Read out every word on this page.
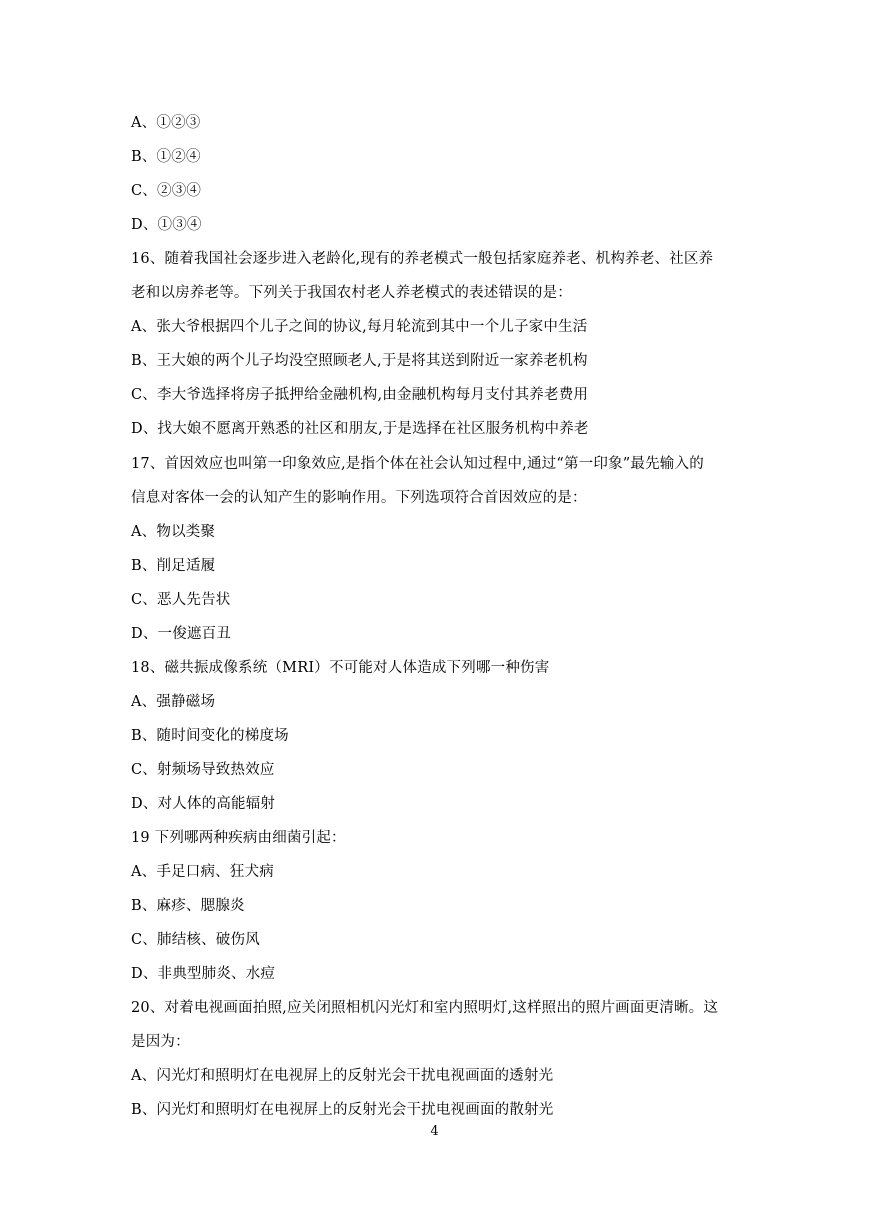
A、①②③
B、①②④
C、②③④
D、①③④
16、随着我国社会逐步进入老龄化,现有的养老模式一般包括家庭养老、机构养老、社区养
老和以房养老等。下列关于我国农村老人养老模式的表述错误的是：
A、张大爷根据四个儿子之间的协议,每月轮流到其中一个儿子家中生活
B、王大娘的两个儿子均没空照顾老人,于是将其送到附近一家养老机构
C、李大爷选择将房子抵押给金融机构,由金融机构每月支付其养老费用
D、找大娘不愿离开熟悉的社区和朋友,于是选择在社区服务机构中养老
17、首因效应也叫第一印象效应,是指个体在社会认知过程中,通过“第一印象”最先输入的
信息对客体一会的认知产生的影响作用。下列选项符合首因效应的是：
A、物以类聚
B、削足适履
C、恶人先告状
D、一俊遮百丑
18、磁共振成像系统（MRI）不可能对人体造成下列哪一种伤害
A、强静磁场
B、随时间变化的梯度场
C、射频场导致热效应
D、对人体的高能辐射
19 下列哪两种疾病由细菌引起：
A、手足口病、狂犬病
B、麻疹、腮腺炎
C、肺结核、破伤风
D、非典型肺炎、水痘
20、对着电视画面拍照,应关闭照相机闪光灯和室内照明灯,这样照出的照片画面更清晰。这
是因为：
A、闪光灯和照明灯在电视屏上的反射光会干扰电视画面的透射光
B、闪光灯和照明灯在电视屏上的反射光会干扰电视画面的散射光
4
